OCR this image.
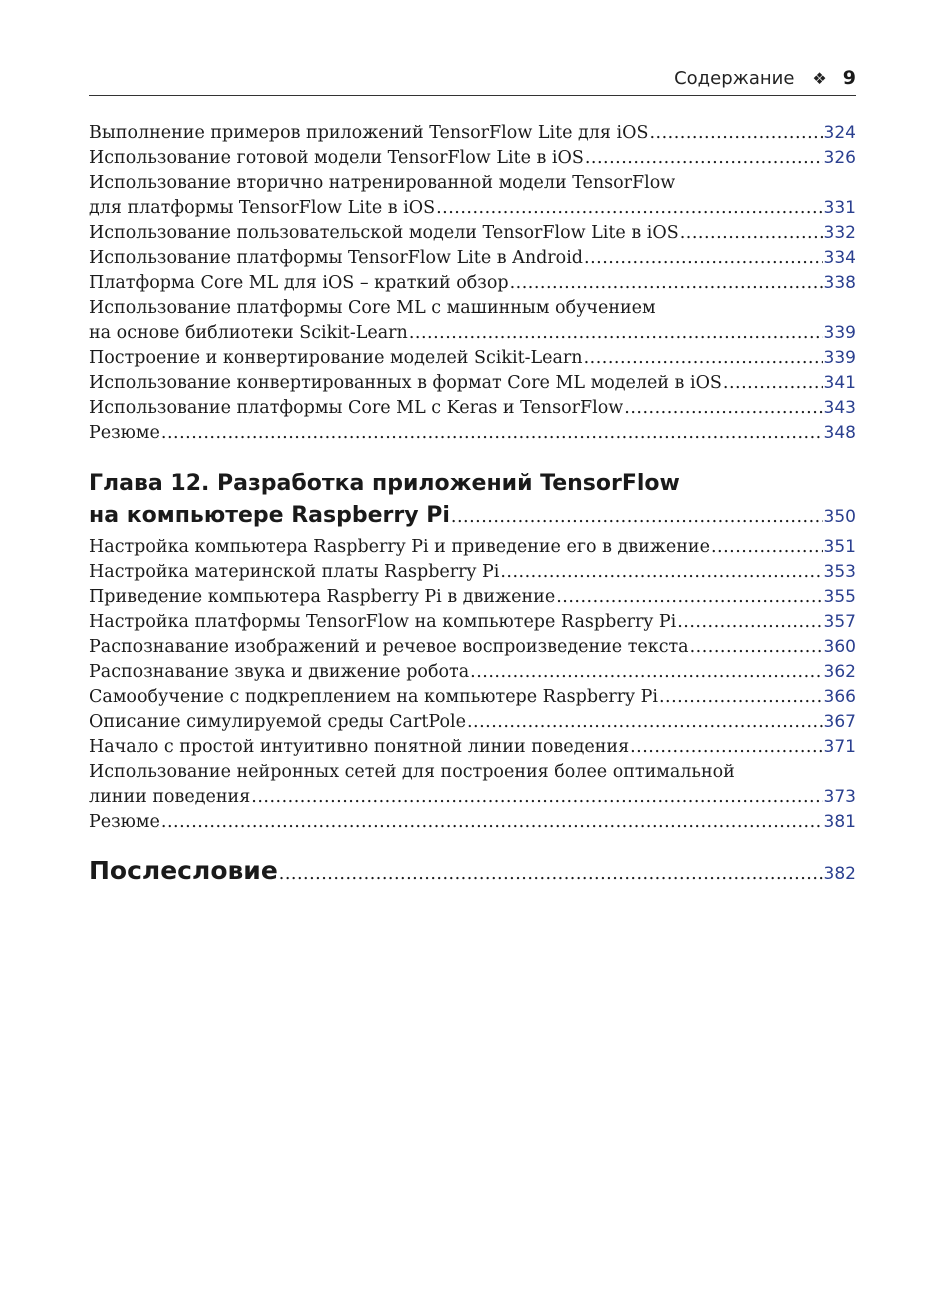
Содержание ❖ 9
Выполнение примеров приложений TensorFlow Lite для iOS .....	324
Использование готовой модели TensorFlow Lite в iOS .....	326
Использование вторично натренированной модели TensorFlow
для платформы TensorFlow Lite в iOS .....	331
Использование пользовательской модели TensorFlow Lite в iOS .....	332
Использование платформы TensorFlow Lite в Android .....	334
Платформа Core ML для iOS – краткий обзор .....	338
Использование платформы Core ML с машинным обучением
на основе библиотеки Scikit-Learn .....	339
Построение и конвертирование моделей Scikit-Learn .....	339
Использование конвертированных в формат Core ML моделей в iOS .....	341
Использование платформы Core ML с Keras и TensorFlow .....	343
Резюме .....	348
Глава 12. Разработка приложений TensorFlow
на компьютере Raspberry Pi .....	350
Настройка компьютера Raspberry Pi и приведение его в движение .....	351
Настройка материнской платы Raspberry Pi .....	353
Приведение компьютера Raspberry Pi в движение .....	355
Настройка платформы TensorFlow на компьютере Raspberry Pi .....	357
Распознавание изображений и речевое воспроизведение текста .....	360
Распознавание звука и движение робота .....	362
Самообучение с подкреплением на компьютере Raspberry Pi .....	366
Описание симулируемой среды CartPole .....	367
Начало с простой интуитивно понятной линии поведения .....	371
Использование нейронных сетей для построения более оптимальной
линии поведения .....	373
Резюме .....	381
Послесловие .....	382
